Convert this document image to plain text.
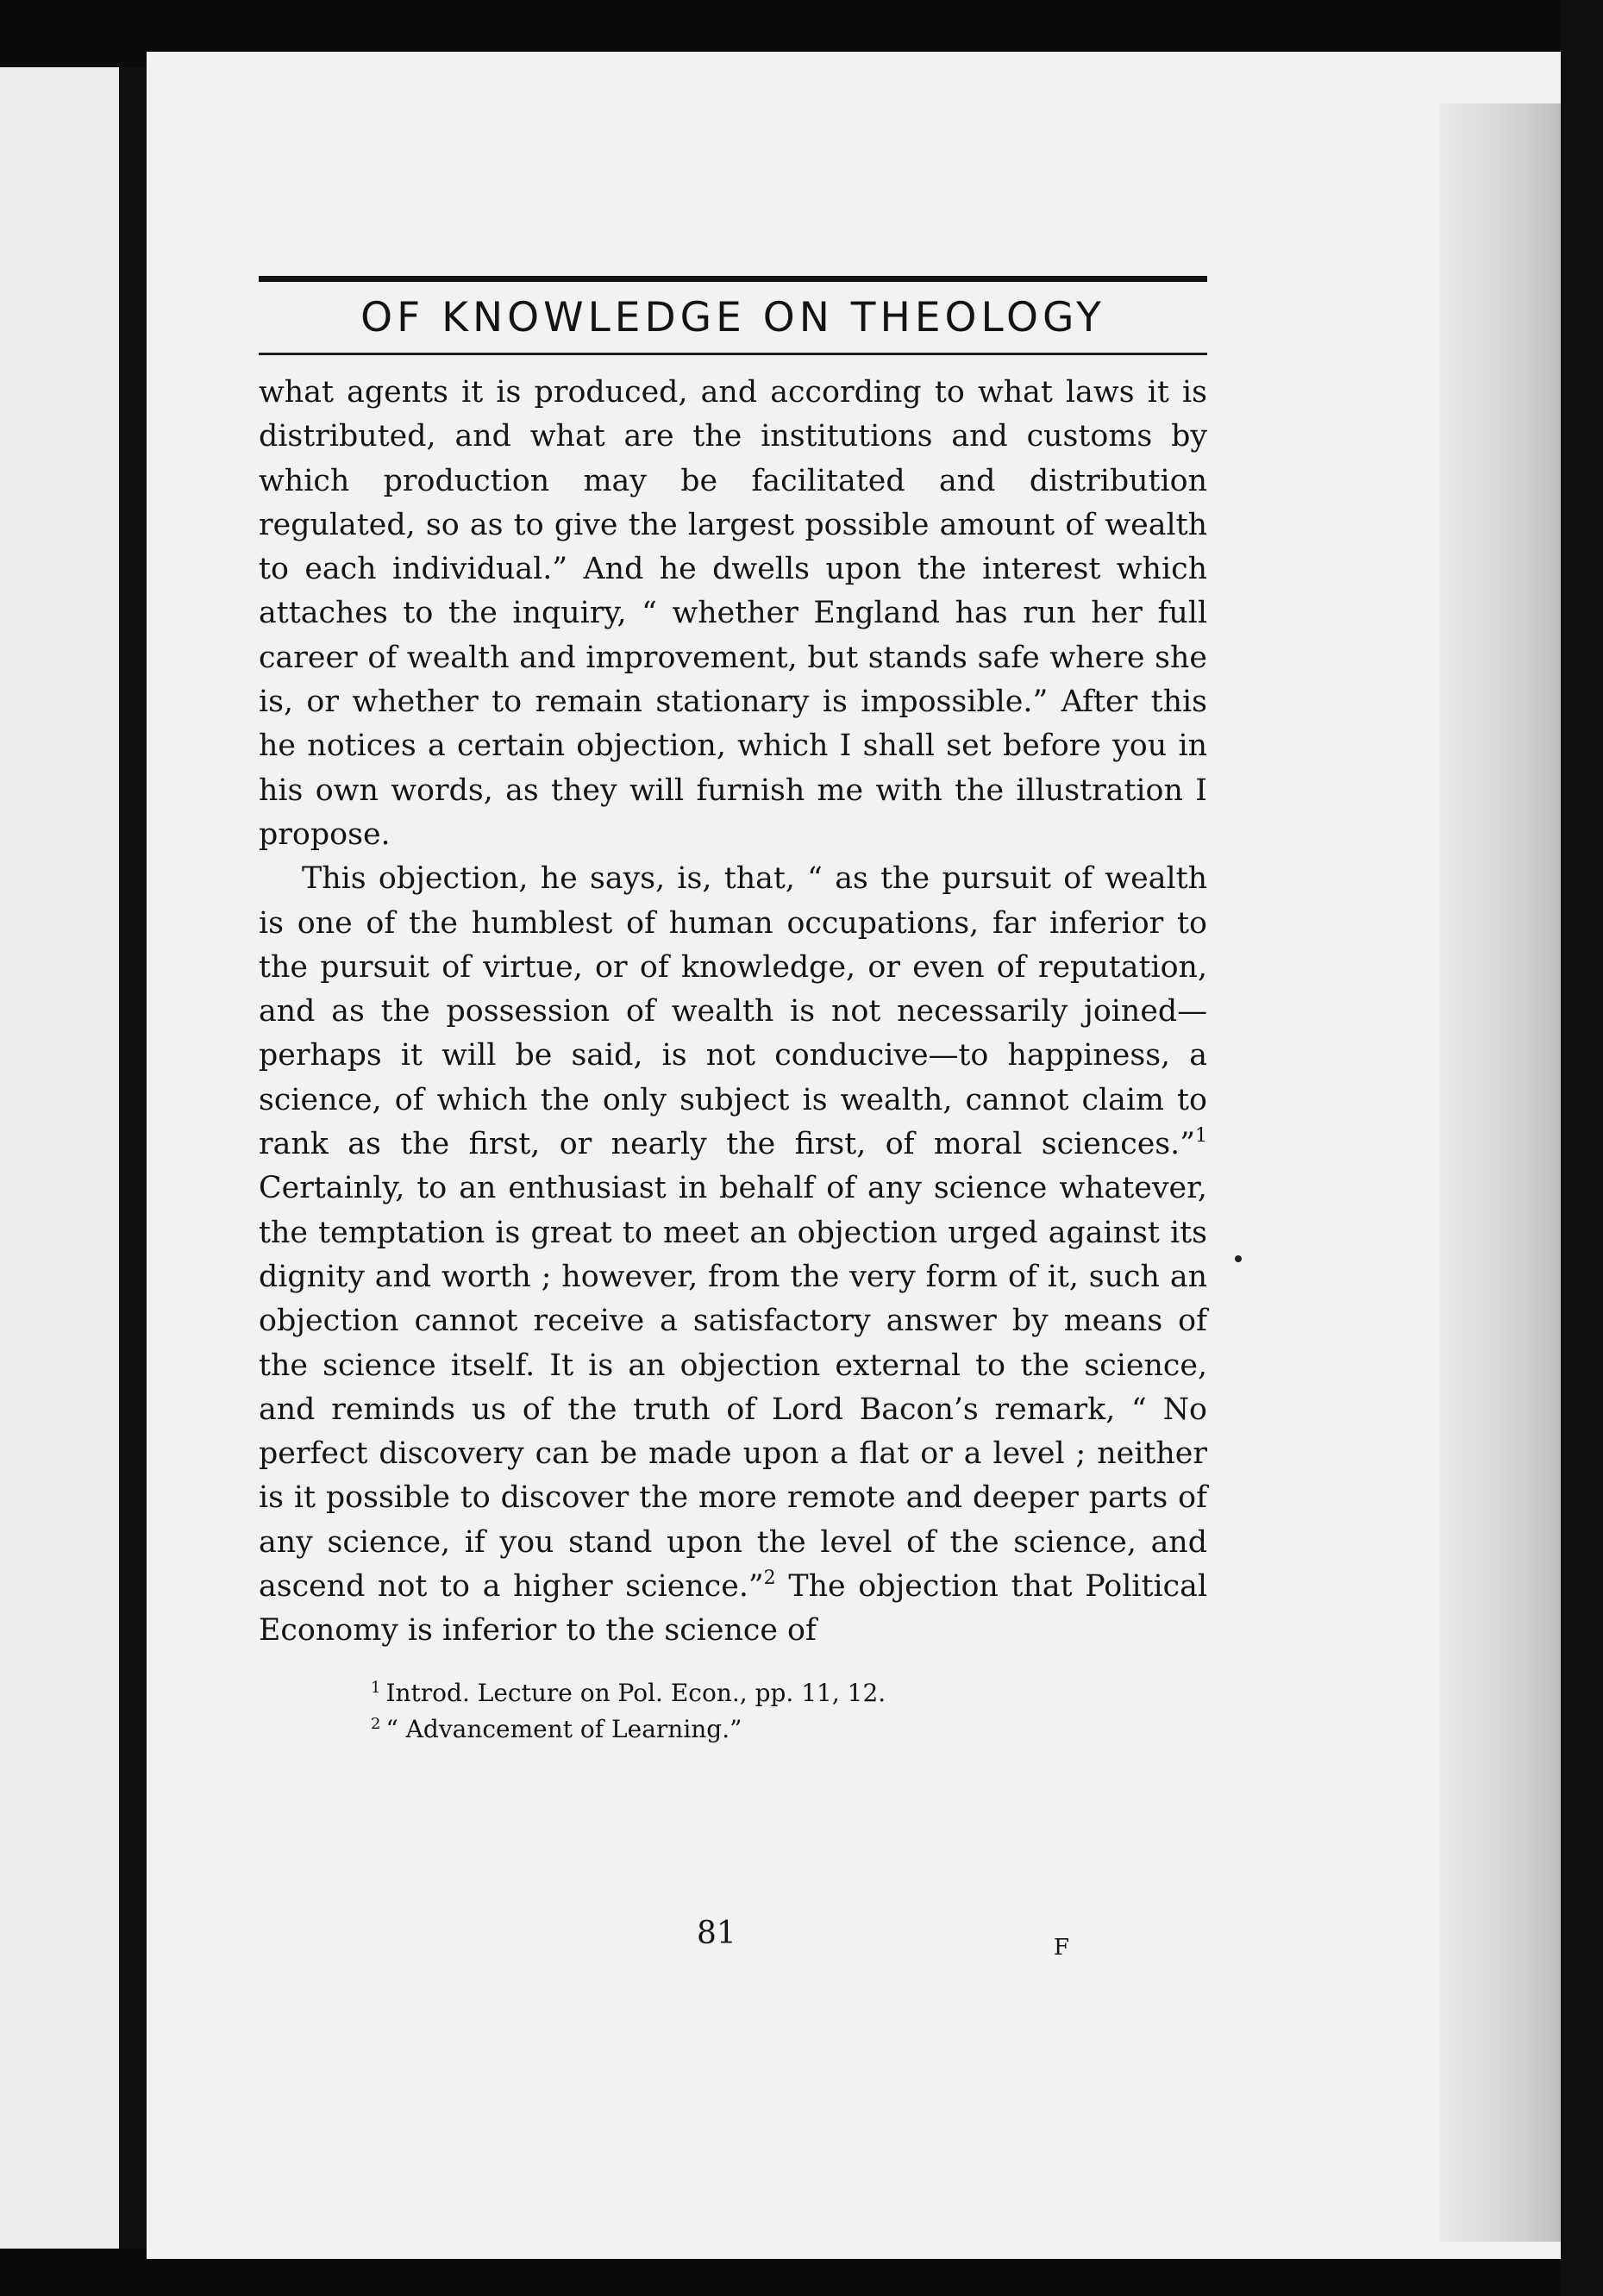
OF KNOWLEDGE ON THEOLOGY

what agents it is produced, and according to what laws it is distributed, and what are the institutions and customs by which production may be facilitated and distribution regulated, so as to give the largest possible amount of wealth to each individual.” And he dwells upon the interest which attaches to the inquiry, “ whether England has run her full career of wealth and improvement, but stands safe where she is, or whether to remain stationary is impossible.” After this he notices a certain objection, which I shall set before you in his own words, as they will furnish me with the illustration I propose.

This objection, he says, is, that, “ as the pursuit of wealth is one of the humblest of human occupations, far inferior to the pursuit of virtue, or of knowledge, or even of reputation, and as the possession of wealth is not necessarily joined—perhaps it will be said, is not conducive—to happiness, a science, of which the only subject is wealth, cannot claim to rank as the first, or nearly the first, of moral sciences.”$^1$ Certainly, to an enthusiast in behalf of any science whatever, the temptation is great to meet an objection urged against its dignity and worth ; however, from the very form of it, such an objection cannot receive a satisfactory answer by means of the science itself. It is an objection external to the science, and reminds us of the truth of Lord Bacon’s remark, “ No perfect discovery can be made upon a flat or a level ; neither is it possible to discover the more remote and deeper parts of any science, if you stand upon the level of the science, and ascend not to a higher science.”$^2$ The objection that Political Economy is inferior to the science of

$^1$ Introd. Lecture on Pol. Econ., pp. 11, 12.

$^2$ “ Advancement of Learning.”

81	F
